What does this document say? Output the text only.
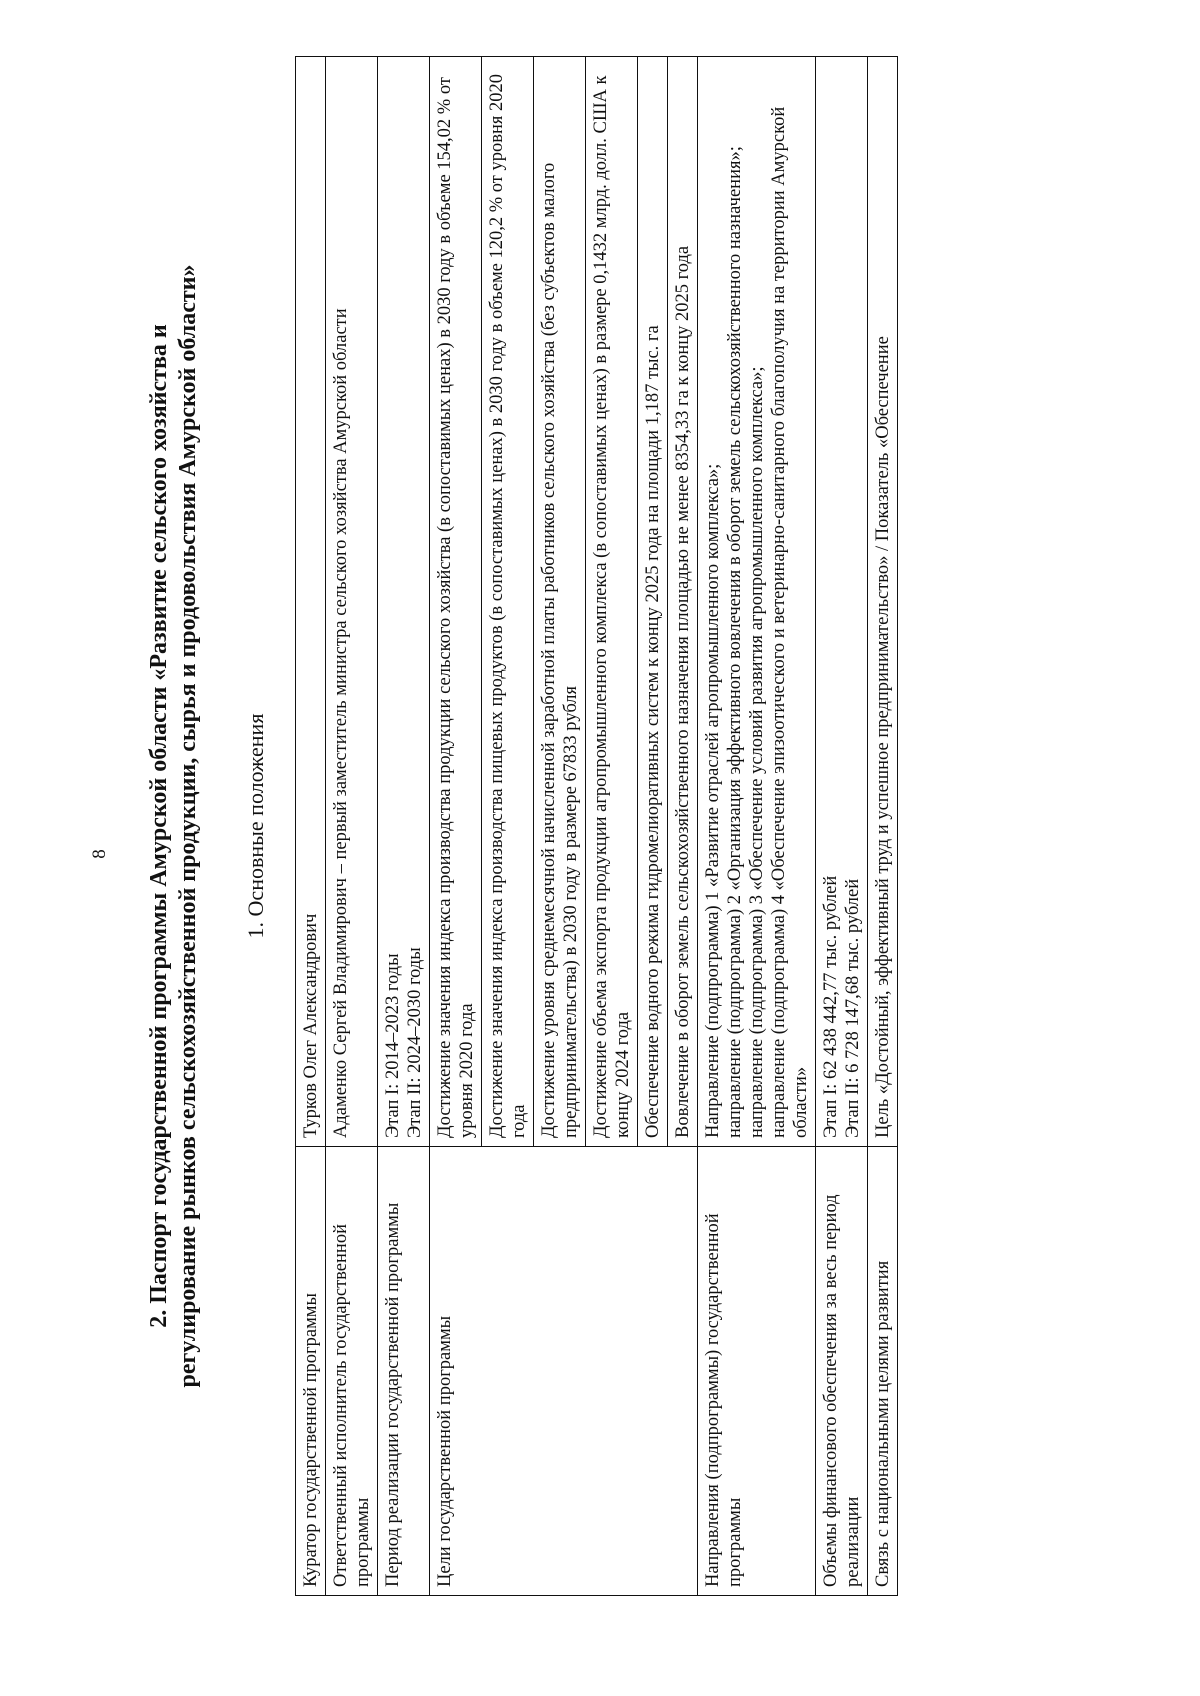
8 2. Паспорт государственной программы Амурской области «Развитие сельского хозяйства и регулирование рынков сельскохозяйственной продукции, сырья и продовольствия Амурской области» 1. Основные положения
Куратор государственной программы	Турков Олег Александрович
Ответственный исполнитель государственной программы	Адаменко Сергей Владимирович – первый заместитель министра сельского хозяйства Амурской области
Период реализации государственной программы	Этап I: 2014–2023 годы Этап II: 2024–2030 годы

Цели государственной программы	Достижение значения индекса производства продукции сельского хозяйства (в сопоставимых ценах) в 2030 году в объеме 154,02 % от уровня 2020 года
	Достижение значения индекса производства пищевых продуктов (в сопоставимых ценах) в 2030 году в объеме 120,2 % от уровня 2020 года
	Достижение уровня среднемесячной начисленной заработной платы работников сельского хозяйства (без субъектов малого предпринимательства) в 2030 году в размере 67833 рубля
	Достижение объема экспорта продукции агропромышленного комплекса (в сопоставимых ценах) в размере 0,1432 млрд. долл. США к концу 2024 года
	Обеспечение водного режима гидромелиоративных систем к концу 2025 года на площади 1,187 тыс. га
	Вовлечение в оборот земель сельскохозяйственного назначения площадью не менее 8354,33 га к концу 2025 года
Направления (подпрограммы) государственной программы	Направление (подпрограмма) 1 «Развитие отраслей агропромышленного комплекса»; направление (подпрограмма) 2 «Организация эффективного вовлечения в оборот земель сельскохозяйственного назначения»; направление (подпрограмма) 3 «Обеспечение условий развития агропромышленного комплекса»; направление (подпрограмма) 4 «Обеспечение эпизоотического и ветеринарно-санитарного благополучия на территории Амурской области»

Объемы финансового обеспечения за весь период реализации	Этап I: 62 438 442,77 тыс. рублей Этап II: 6 728 147,68 тыс. рублей

Связь с национальными целями развития	Цель «Достойный, эффективный труд и успешное предпринимательство» / Показатель «Обеспечение
